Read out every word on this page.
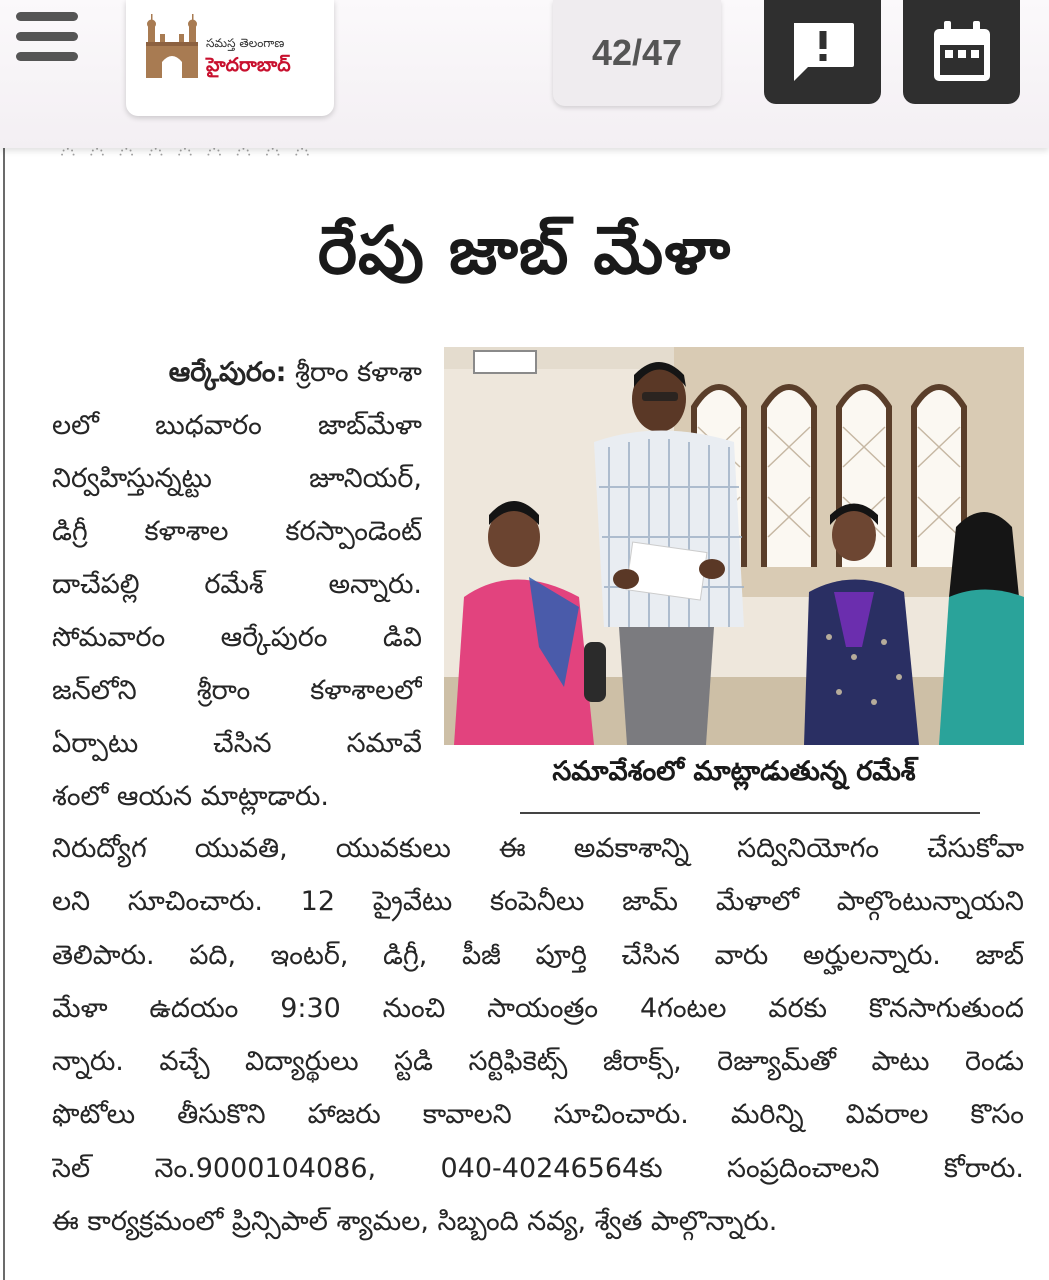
సమస్త తెలంగాణ
హైదరాబాద్	42/47
రేపు జాబ్ మేళా
ఆర్కేపురం: శ్రీరాం కళాశా
లలో బుధవారం జాబ్‌మేళా
నిర్వహిస్తున్నట్టు జూనియర్,
డిగ్రీ కళాశాల కరస్పాండెంట్
దాచేపల్లి రమేశ్ అన్నారు.
సోమవారం ఆర్కేపురం డివి
జన్‌లోని శ్రీరాం కళాశాలలో
ఏర్పాటు చేసిన సమావే
శంలో ఆయన మాట్లాడారు.
సమావేశంలో మాట్లాడుతున్న రమేశ్
నిరుద్యోగ యువతి, యువకులు ఈ అవకాశాన్ని సద్వినియోగం చేసుకోవా
లని సూచించారు. 12 ప్రైవేటు కంపెనీలు జామ్ మేళాలో పాల్గొంటున్నాయని
తెలిపారు. పది, ఇంటర్, డిగ్రీ, పీజీ పూర్తి చేసిన వారు అర్హులన్నారు. జాబ్
మేళా ఉదయం 9:30 నుంచి సాయంత్రం 4గంటల వరకు కొనసాగుతుంద
న్నారు. వచ్చే విద్యార్థులు స్టడి సర్టిఫికెట్స్ జీరాక్స్, రెజ్యూమ్‌తో పాటు రెండు
ఫొటోలు తీసుకొని హాజరు కావాలని సూచించారు. మరిన్ని వివరాల కొసం
సెల్ నెం.9000104086, 040-40246564కు సంప్రదించాలని కోరారు.
ఈ కార్యక్రమంలో ప్రిన్సిపాల్ శ్యామల, సిబ్బంది నవ్య, శ్వేత పాల్గొన్నారు.
